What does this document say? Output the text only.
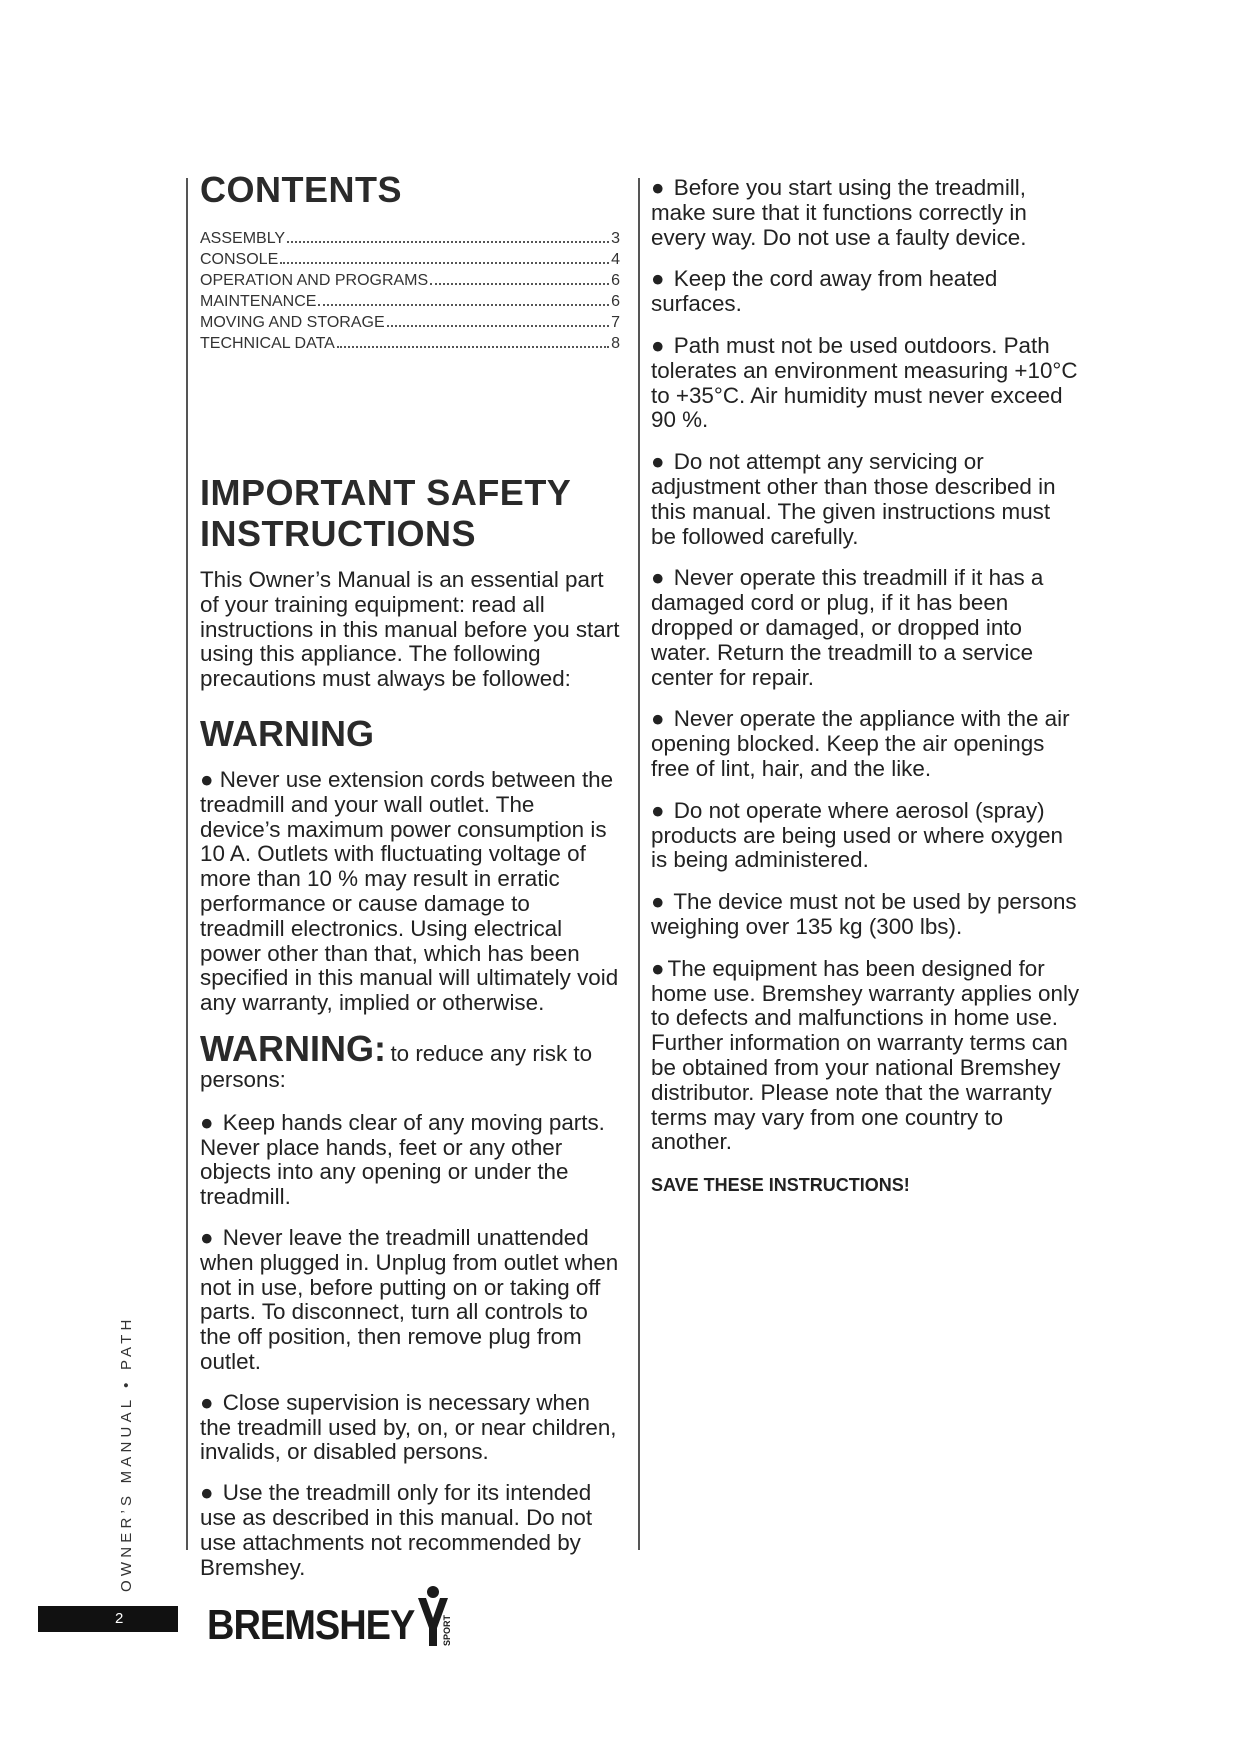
CONTENTS
ASSEMBLY	3
CONSOLE	4
OPERATION AND PROGRAMS	6
MAINTENANCE	6
MOVING AND STORAGE	7
TECHNICAL DATA	8
IMPORTANT SAFETY
INSTRUCTIONS

This Owner’s Manual is an essential part of your training equipment: read all instructions in this manual before you start using this appliance. The following precautions must always be followed:

WARNING

● Never use extension cords between the treadmill and your wall outlet. The device’s maximum power consumption is 10 A. Outlets with fluctuating voltage of more than 10 % may result in erratic performance or cause damage to treadmill electronics. Using electrical power other than that, which has been specified in this manual will ultimately void any warranty, implied or otherwise.

WARNING: to reduce any risk to persons:
● Keep hands clear of any moving parts. Never place hands, feet or any other objects into any opening or under the treadmill.
● Never leave the treadmill unattended when plugged in. Unplug from outlet when not in use, before putting on or taking off parts. To disconnect, turn all controls to the off position, then remove plug from outlet.
● Close supervision is necessary when the treadmill used by, on, or near children, invalids, or disabled persons.
● Use the treadmill only for its intended use as described in this manual. Do not use attachments not recommended by Bremshey.
● Before you start using the treadmill, make sure that it functions correctly in every way. Do not use a faulty device.
● Keep the cord away from heated surfaces.
● Path must not be used outdoors. Path tolerates an environment measuring +10°C to +35°C. Air humidity must never exceed 90 %.
● Do not attempt any servicing or adjustment other than those described in this manual. The given instructions must be followed carefully.
● Never operate this treadmill if it has a damaged cord or plug, if it has been dropped or damaged, or dropped into water. Return the treadmill to a service center for repair.
● Never operate the appliance with the air opening blocked. Keep the air openings free of lint, hair, and the like.
● Do not operate where aerosol (spray) products are being used or where oxygen is being administered.
● The device must not be used by persons weighing over 135 kg (300 lbs).
● The equipment has been designed for home use. Bremshey warranty applies only to defects and malfunctions in home use. Further information on warranty terms can be obtained from your national Bremshey distributor. Please note that the warranty terms may vary from one country to another.
SAVE THESE INSTRUCTIONS!
OWNER’S MANUAL • PATH
2 BREMSHEY	SPORT
